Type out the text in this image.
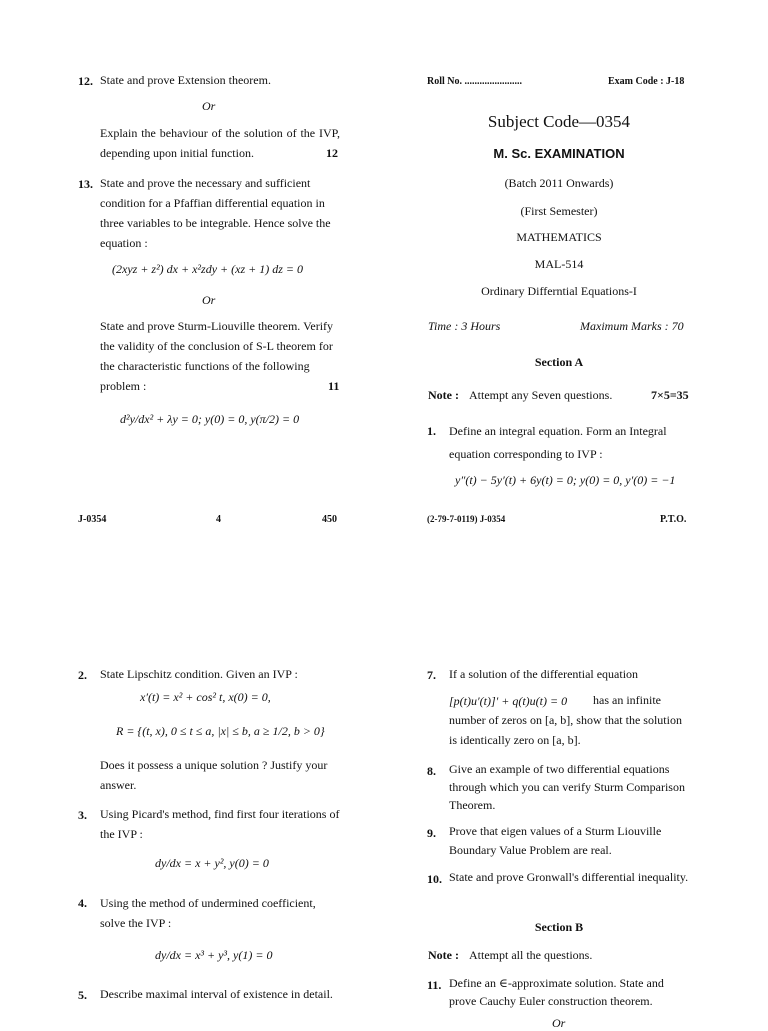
12. State and prove Extension theorem.
Or
Explain the behaviour of the solution of the IVP, depending upon initial function.	12
13. State and prove the necessary and sufficient condition for a Pfaffian differential equation in three variables to be integrable. Hence solve the equation :
(2xyz + z²) dx + x²zdy + (xz + 1) dz = 0
Or
State and prove Sturm-Liouville theorem. Verify the validity of the conclusion of S-L theorem for the characteristic functions of the following problem :	11
d²y/dx² + λy = 0; y(0) = 0, y(π/2) = 0
J-0354	4	450
Roll No. .......................	Exam Code : J-18
Subject Code—0354
M. Sc. EXAMINATION
(Batch 2011 Onwards)
(First Semester)
MATHEMATICS
MAL-514
Ordinary Differntial Equations-I
Time : 3 Hours	Maximum Marks : 70
Section A
Note : Attempt any Seven questions.	7×5=35
1. Define an integral equation. Form an Integral equation corresponding to IVP :
y″(t) − 5y′(t) + 6y(t) = 0; y(0) = 0, y′(0) = −1
(2-79-7-0119) J-0354	P.T.O.
2. State Lipschitz condition. Given an IVP :
x′(t) = x² + cos² t, x(0) = 0,
R = {(t, x), 0 ≤ t ≤ a, |x| ≤ b, a ≥ 1/2, b > 0}
Does it possess a unique solution ? Justify your answer.
3. Using Picard's method, find first four iterations of the IVP :
dy/dx = x + y², y(0) = 0
4. Using the method of undermined coefficient, solve the IVP :
dy/dx = x³ + y³, y(1) = 0
5. Describe maximal interval of existence in detail.
7. If a solution of the differential equation
[p(t)u′(t)]′ + q(t)u(t) = 0	has an infinite number of zeros on [a, b], show that the solution is identically zero on [a, b].
8. Give an example of two differential equations through which you can verify Sturm Comparison Theorem.
9. Prove that eigen values of a Sturm Liouville Boundary Value Problem are real.
10. State and prove Gronwall's differential inequality.
Section B
Note : Attempt all the questions.
11. Define an ∈-approximate solution. State and prove Cauchy Euler construction theorem.
Or
